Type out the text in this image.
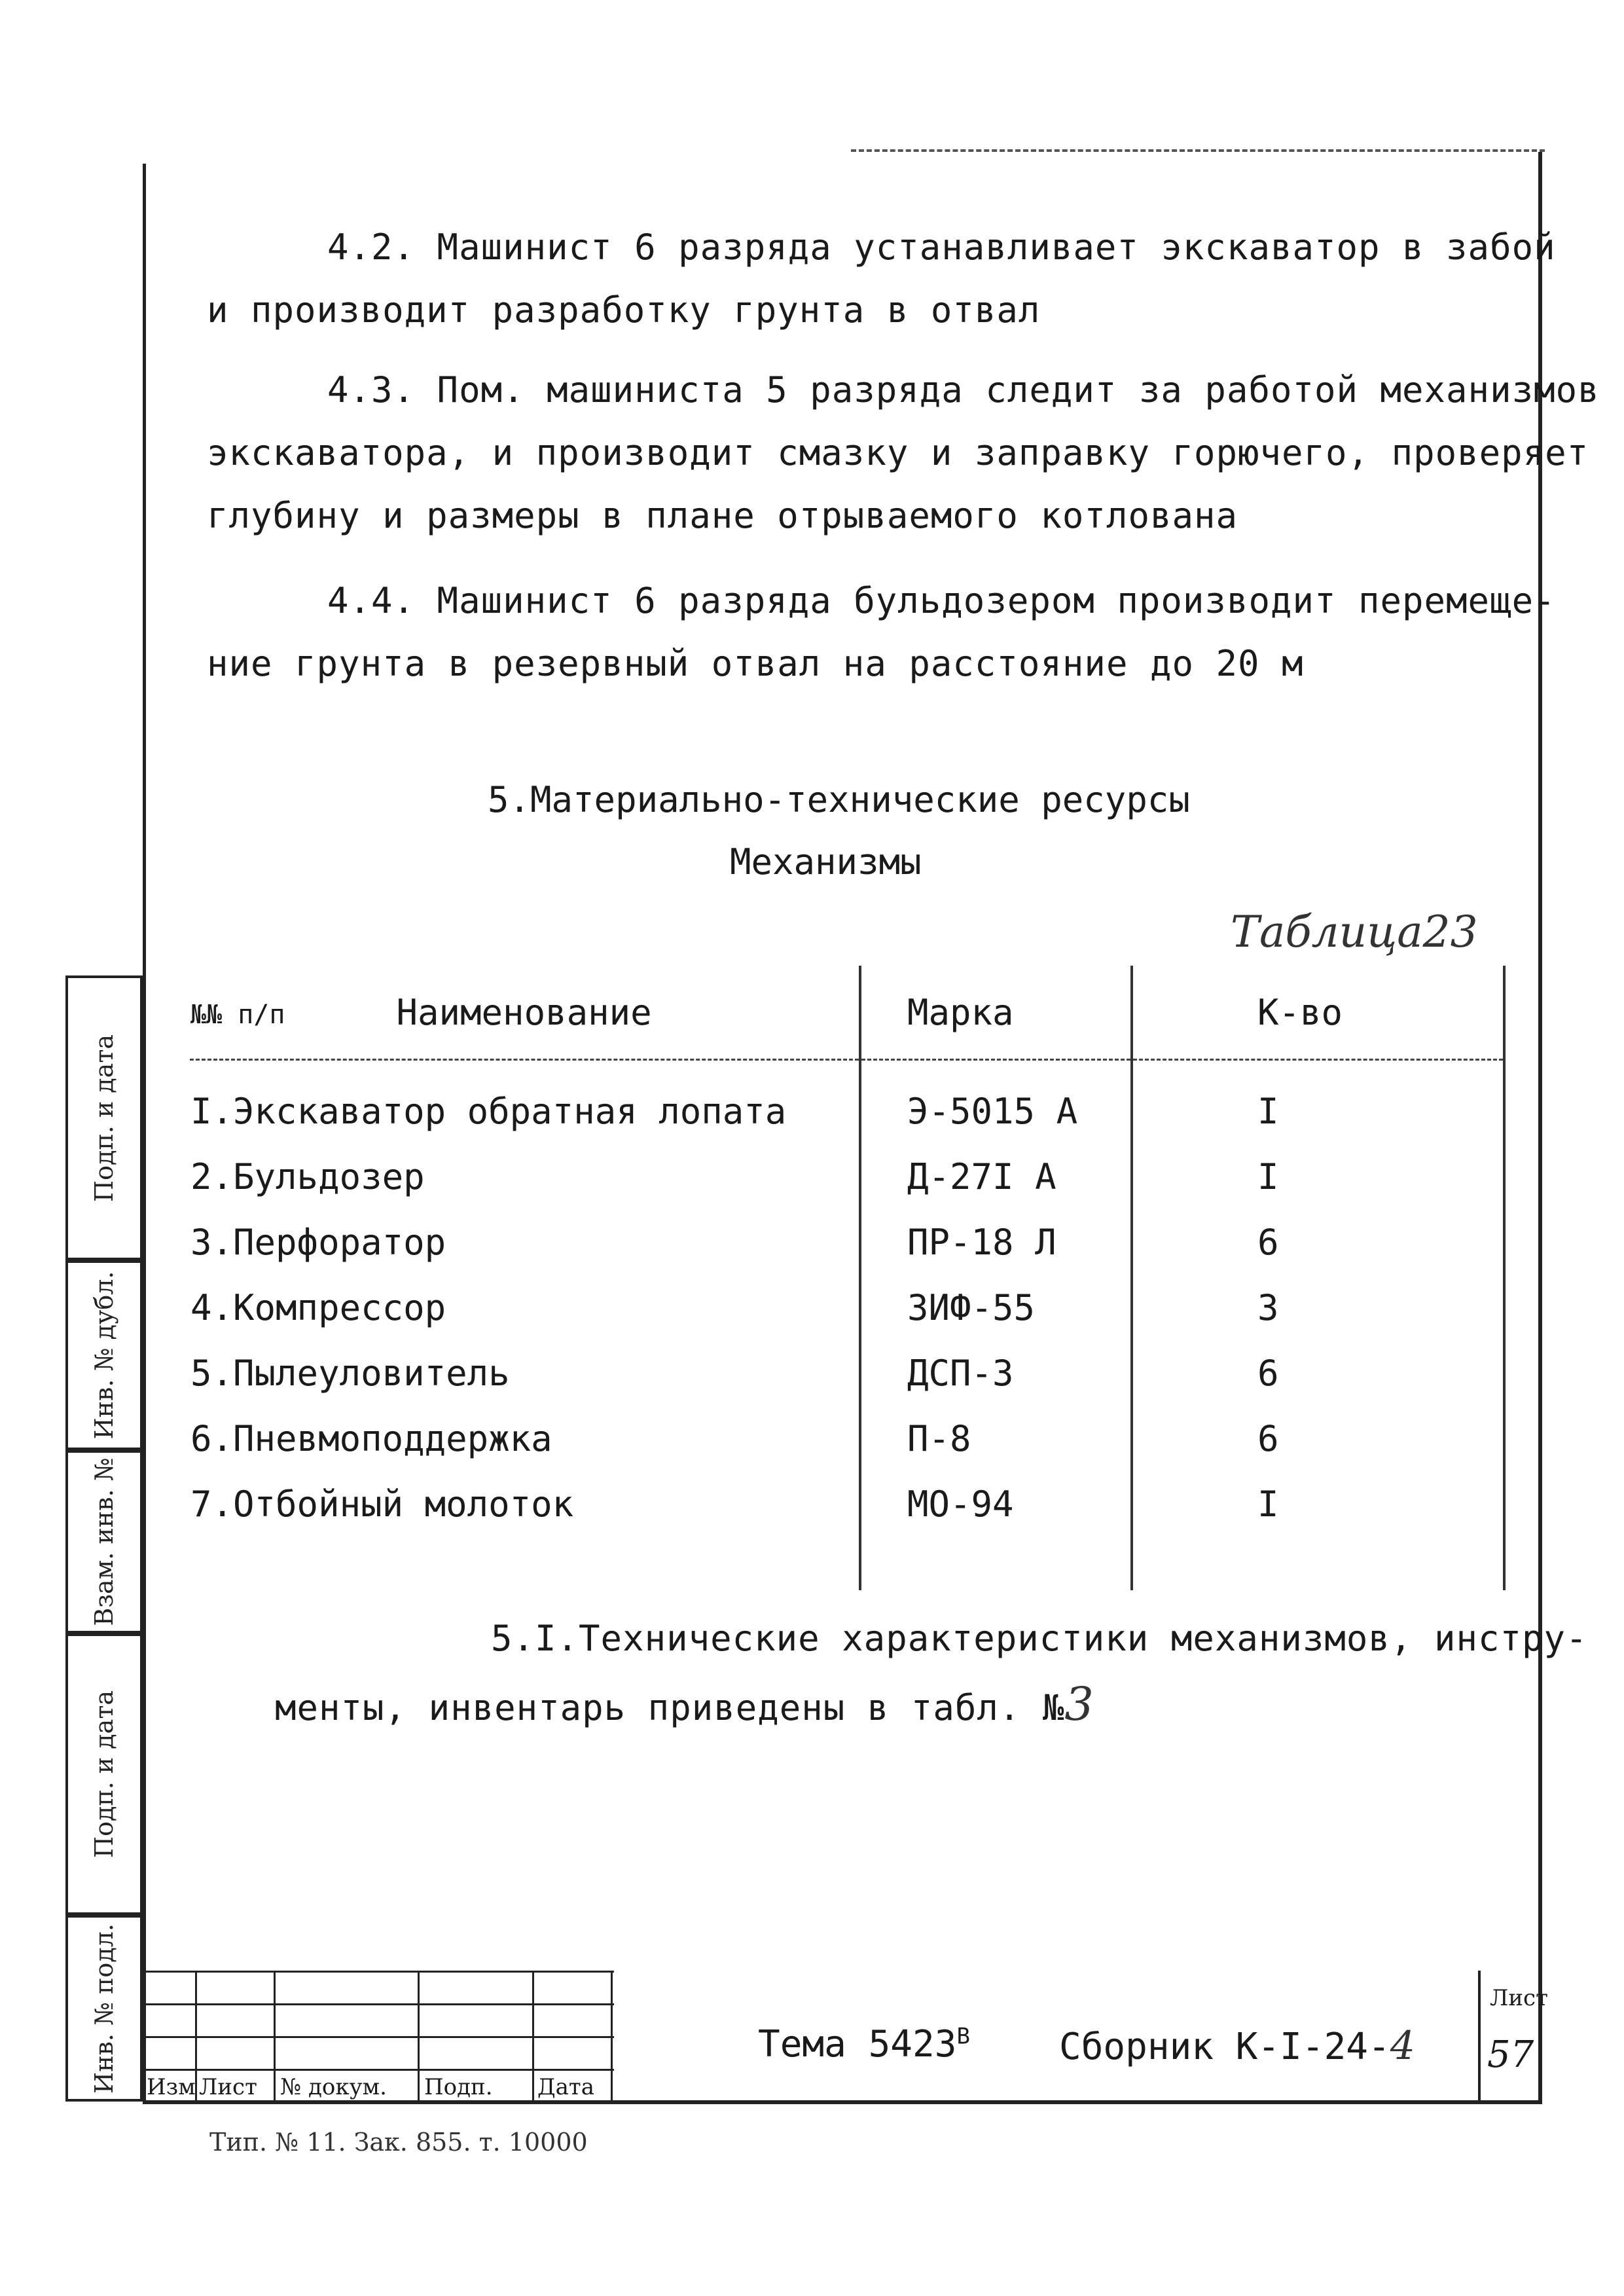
4.2. Машинист 6 разряда устанавливает экскаватор в забой
и производит разработку грунта в отвал
4.3. Пом. машиниста 5 разряда следит за работой механизмов
экскаватора, и производит смазку и заправку горючего, проверяет
глубину и размеры в плане отрываемого котлована
4.4. Машинист 6 разряда бульдозером производит перемеще-
ние грунта в резервный отвал на расстояние до 20 м
5.Материально-технические ресурсы
Механизмы
Таблица23
№№ п/п Наименование	Марка	К-во
I.Экскаватор обратная лопата	Э-5015 А	I
2.Бульдозер	Д-27I А	I
3.Перфоратор	ПР-18 Л	6
4.Компрессор	ЗИФ-55	3
5.Пылеуловитель	ДСП-3	6
6.Пневмоподдержка	П-8	6
7.Отбойный молоток	МО-94	I

5.I.Технические характеристики механизмов, инстру-
менты, инвентарь приведены в табл. №3
Подп. и дата
Инв. № дубл.
Взам. инв. №
Подп. и дата
Инв. № подл. Изм Лист № докум. Подп. Дата
Тема $5423^В$ Сборник К-I-24-4
Лист
57
Тип. № 11. Зак. 855. т. 10000
